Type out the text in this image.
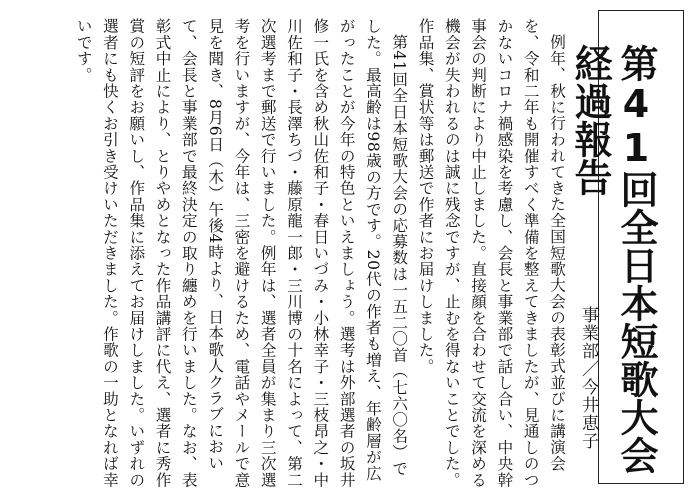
第41回全日本短歌大会経過報告
事業部／今井恵子

例年、秋に行われてきた全国短歌大会の表彰式並びに講演会を、令和二年も開催すべく準備を整えてきましたが、見通しのつかないコロナ禍感染を考慮し、会長と事業部で話し合い、中央幹事会の判断により中止しました。直接顔を合わせて交流を深める機会が失われるのは誠に残念ですが、止むを得ないことでした。作品集、賞状等は郵送で作者にお届けしました。

第41回全日本短歌大会の応募数は一五二〇首（七六〇名）でした。最高齢は98歳の方です。20代の作者も増え、年齢層が広がったことが今年の特色といえましょう。選考は外部選者の坂井修一氏を含め秋山佐和子・春日いづみ・小林幸子・三枝昂之・中川佐和子・長澤ちづ・藤原龍一郎・三川博の十名によって、第二次選考まで郵送で行いました。例年は、選者全員が集まり三次選考を行いますが、今年は、三密を避けるため、電話やメールで意見を聞き、8月6日（木）午後4時より、日本歌人クラブにおいて、会長と事業部で最終決定の取り纏めを行いました。なお、表彰式中止により、とりやめとなった作品講評に代え、選者に秀作賞の短評をお願いし、作品集に添えてお届けしました。いずれの選者にも快くお引き受けいただきました。作歌の一助となれば幸いです。
